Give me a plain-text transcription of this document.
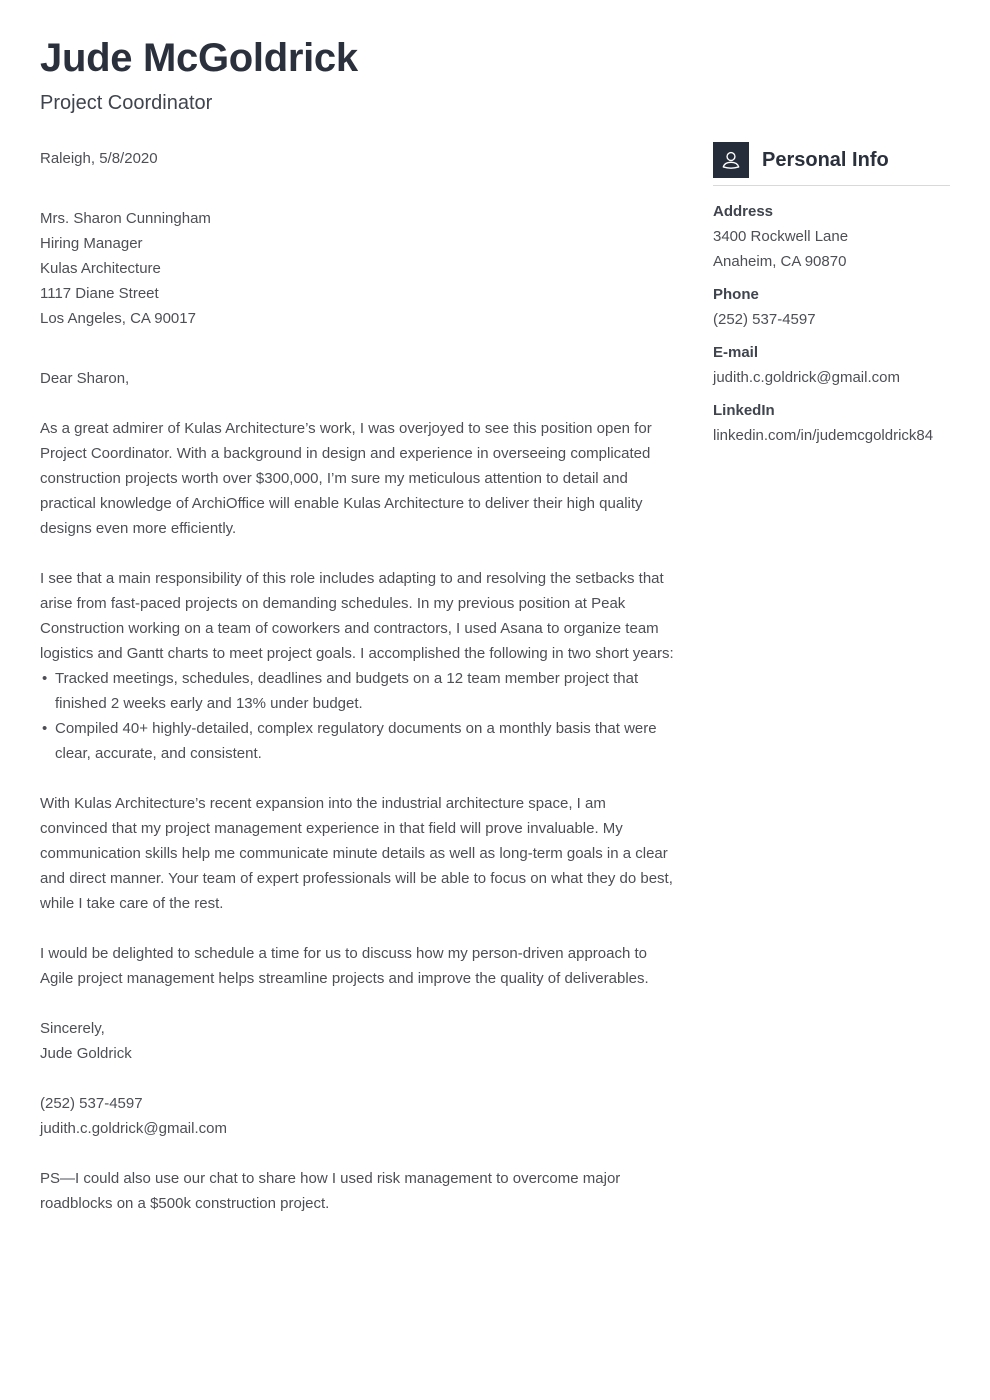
Jude McGoldrick
Project Coordinator

Raleigh, 5/8/2020

Mrs. Sharon Cunningham
Hiring Manager
Kulas Architecture
1117 Diane Street
Los Angeles, CA 90017

Dear Sharon,

As a great admirer of Kulas Architecture’s work, I was overjoyed to see this position open for Project Coordinator. With a background in design and experience in overseeing complicated construction projects worth over $300,000, I’m sure my meticulous attention to detail and practical knowledge of ArchiOffice will enable Kulas Architecture to deliver their high quality designs even more efficiently.

I see that a main responsibility of this role includes adapting to and resolving the setbacks that arise from fast-paced projects on demanding schedules. In my previous position at Peak Construction working on a team of coworkers and contractors, I used Asana to organize team logistics and Gantt charts to meet project goals. I accomplished the following in two short years:

• Tracked meetings, schedules, deadlines and budgets on a 12 team member project that finished 2 weeks early and 13% under budget.
• Compiled 40+ highly-detailed, complex regulatory documents on a monthly basis that were clear, accurate, and consistent.

With Kulas Architecture’s recent expansion into the industrial architecture space, I am convinced that my project management experience in that field will prove invaluable. My communication skills help me communicate minute details as well as long-term goals in a clear and direct manner. Your team of expert professionals will be able to focus on what they do best, while I take care of the rest.

I would be delighted to schedule a time for us to discuss how my person-driven approach to Agile project management helps streamline projects and improve the quality of deliverables.

Sincerely,
Jude Goldrick
(252) 537-4597
judith.c.goldrick@gmail.com

PS—I could also use our chat to share how I used risk management to overcome major roadblocks on a $500k construction project.

Personal Info
Address
3400 Rockwell Lane
Anaheim, CA 90870
Phone
(252) 537-4597
E-mail
judith.c.goldrick@gmail.com
LinkedIn
linkedin.com/in/judemcgoldrick84
